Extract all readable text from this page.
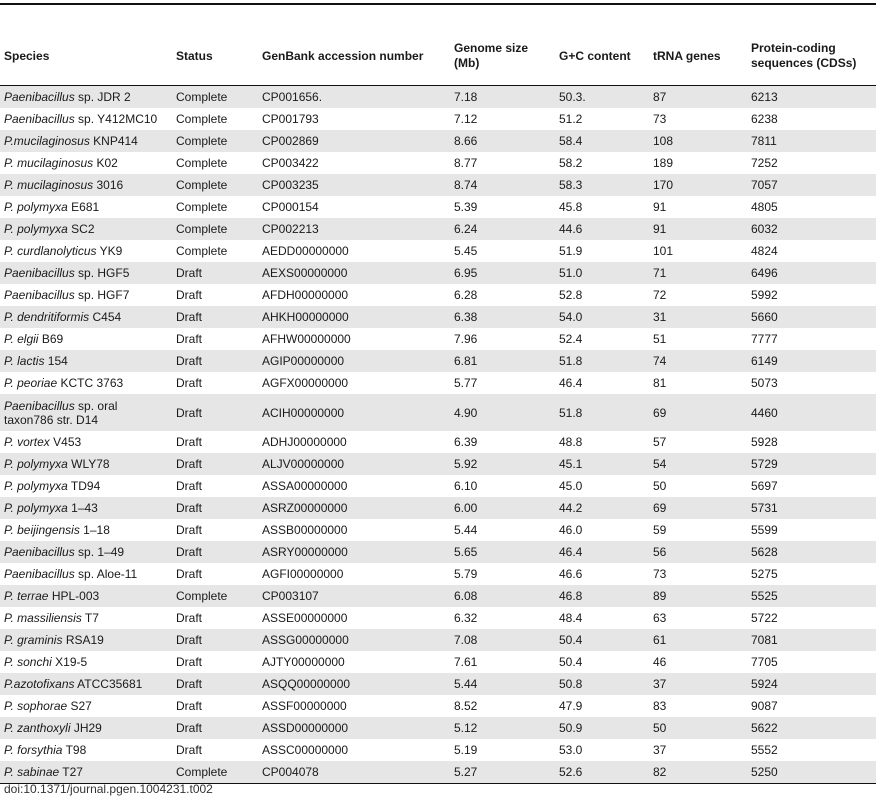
Species	Status	GenBank accession number	Genome size (Mb)	G+C content	tRNA genes	Protein-coding sequences (CDSs)
Paenibacillus sp. JDR 2	Complete	CP001656.	7.18	50.3.	87	6213
Paenibacillus sp. Y412MC10	Complete	CP001793	7.12	51.2	73	6238
P.mucilaginosus KNP414	Complete	CP002869	8.66	58.4	108	7811
P. mucilaginosus K02	Complete	CP003422	8.77	58.2	189	7252
P. mucilaginosus 3016	Complete	CP003235	8.74	58.3	170	7057
P. polymyxa E681	Complete	CP000154	5.39	45.8	91	4805
P. polymyxa SC2	Complete	CP002213	6.24	44.6	91	6032
P. curdlanolyticus YK9	Complete	AEDD00000000	5.45	51.9	101	4824
Paenibacillus sp. HGF5	Draft	AEXS00000000	6.95	51.0	71	6496
Paenibacillus sp. HGF7	Draft	AFDH00000000	6.28	52.8	72	5992
P. dendritiformis C454	Draft	AHKH00000000	6.38	54.0	31	5660
P. elgii B69	Draft	AFHW00000000	7.96	52.4	51	7777
P. lactis 154	Draft	AGIP00000000	6.81	51.8	74	6149
P. peoriae KCTC 3763	Draft	AGFX00000000	5.77	46.4	81	5073
Paenibacillus sp. oral taxon786 str. D14	Draft	ACIH00000000	4.90	51.8	69	4460
P. vortex V453	Draft	ADHJ00000000	6.39	48.8	57	5928
P. polymyxa WLY78	Draft	ALJV00000000	5.92	45.1	54	5729
P. polymyxa TD94	Draft	ASSA00000000	6.10	45.0	50	5697
P. polymyxa 1–43	Draft	ASRZ00000000	6.00	44.2	69	5731
P. beijingensis 1–18	Draft	ASSB00000000	5.44	46.0	59	5599
Paenibacillus sp. 1–49	Draft	ASRY00000000	5.65	46.4	56	5628
Paenibacillus sp. Aloe-11	Draft	AGFI00000000	5.79	46.6	73	5275
P. terrae HPL-003	Complete	CP003107	6.08	46.8	89	5525
P. massiliensis T7	Draft	ASSE00000000	6.32	48.4	63	5722
P. graminis RSA19	Draft	ASSG00000000	7.08	50.4	61	7081
P. sonchi X19-5	Draft	AJTY00000000	7.61	50.4	46	7705
P.azotofixans ATCC35681	Draft	ASQQ00000000	5.44	50.8	37	5924
P. sophorae S27	Draft	ASSF00000000	8.52	47.9	83	9087
P. zanthoxyli JH29	Draft	ASSD00000000	5.12	50.9	50	5622
P. forsythia T98	Draft	ASSC00000000	5.19	53.0	37	5552
P. sabinae T27	Complete	CP004078	5.27	52.6	82	5250
doi:10.1371/journal.pgen.1004231.t002
